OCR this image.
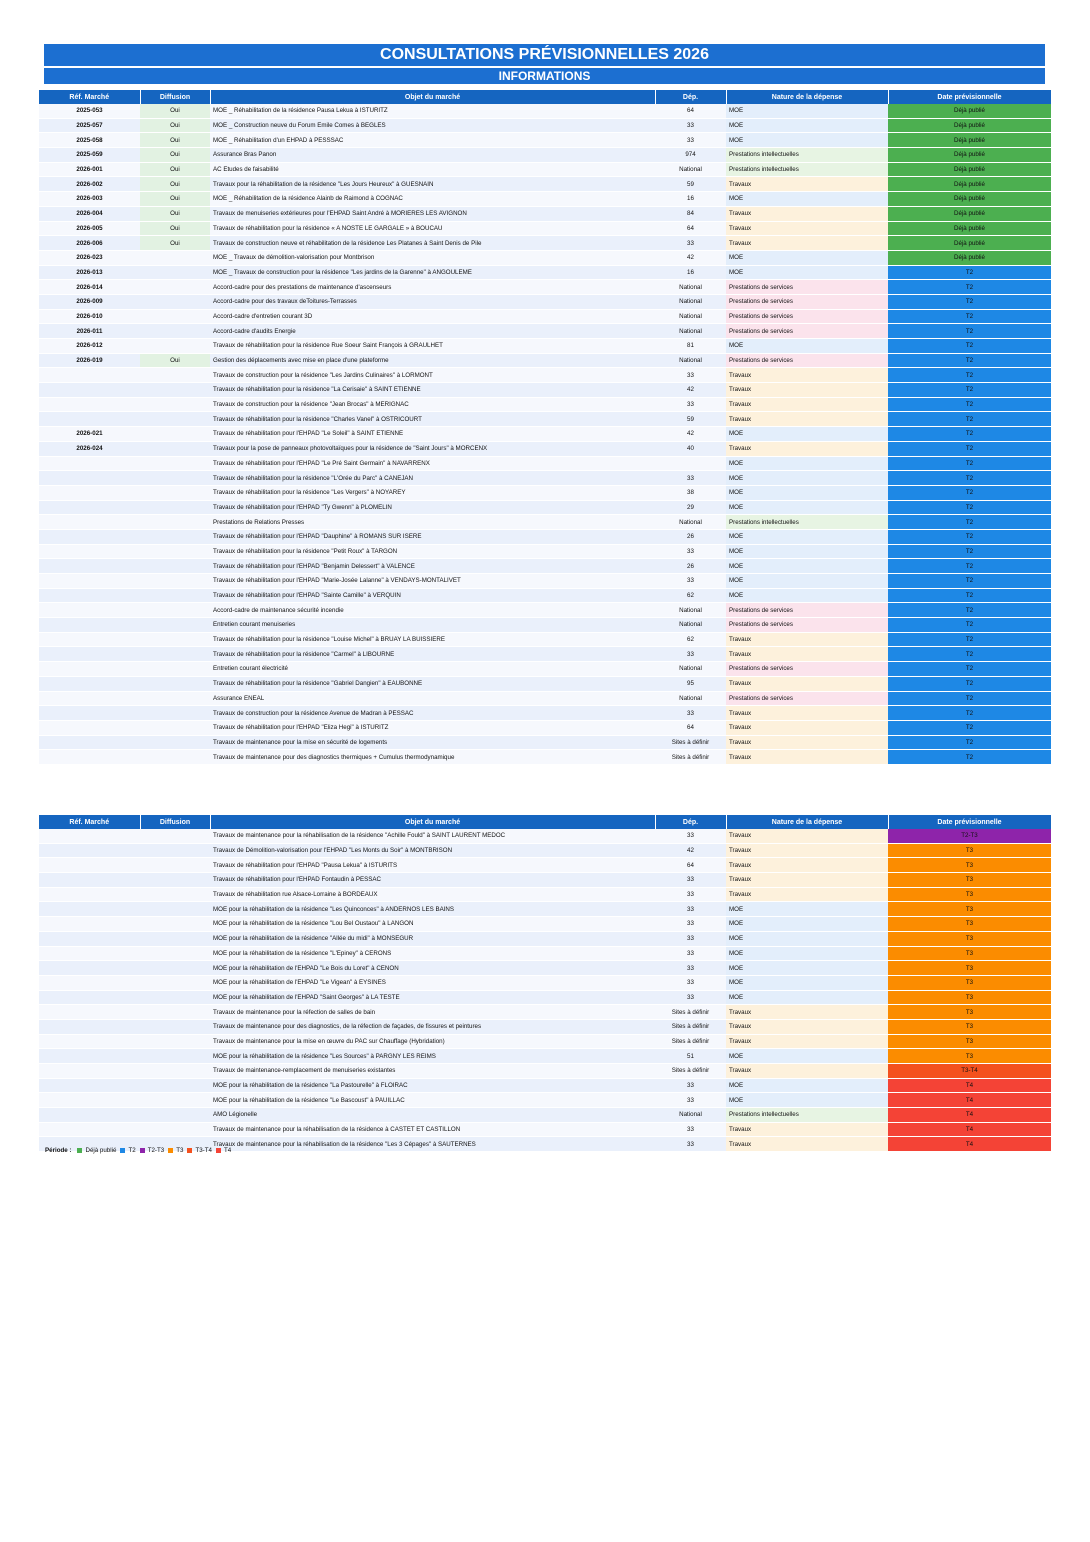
CONSULTATIONS PRÉVISIONNELLES 2026
INFORMATIONS
Réf. Marché	Diffusion	Objet du marché	Dép.	Nature de la dépense	Date prévisionnelle
2025-053	Oui	MOE _ Réhabilitation de la résidence Pausa Lekua à ISTURITZ	64	MOE	Déjà publié
2025-057	Oui	MOE _ Construction neuve du Forum Emile Comes à BEGLES	33	MOE	Déjà publié
2025-058	Oui	MOE _ Réhabilitation d'un EHPAD à PESSSAC	33	MOE	Déjà publié
2025-059	Oui	Assurance Bras Panon	974	Prestations intellectuelles	Déjà publié
2026-001	Oui	AC Etudes de faisabilité	National	Prestations intellectuelles	Déjà publié
2026-002	Oui	Travaux pour la réhabilitation de la résidence "Les Jours Heureux" à GUESNAIN	59	Travaux	Déjà publié
2026-003	Oui	MOE _ Réhabilitation de la résidence Alainb de Raimond à COGNAC	16	MOE	Déjà publié
2026-004	Oui	Travaux de menuiseries extérieures pour l'EHPAD Saint André à MORIERES LES AVIGNON	84	Travaux	Déjà publié
2026-005	Oui	Travaux de réhabilitation pour la résidence « A NOSTE LE GARGALE » à BOUCAU	64	Travaux	Déjà publié
2026-006	Oui	Travaux de construction neuve et réhabilitation de la résidence Les Platanes à Saint Denis de Pile	33	Travaux	Déjà publié
2026-023		MOE _ Travaux de démolition-valorisation pour Montbrison	42	MOE	Déjà publié
2026-013		MOE _ Travaux de construction pour la résidence "Les jardins de la Garenne" à ANGOULEME	16	MOE	T2
2026-014		Accord-cadre pour des prestations de maintenance d'ascenseurs	National	Prestations de services	T2
2026-009		Accord-cadre pour des travaux deToitures-Terrasses	National	Prestations de services	T2
2026-010		Accord-cadre d'entretien courant 3D	National	Prestations de services	T2
2026-011		Accord-cadre d'audits Energie	National	Prestations de services	T2
2026-012		Travaux de réhabilitation pour la résidence Rue Soeur Saint François à GRAULHET	81	MOE	T2
2026-019	Oui	Gestion des déplacements avec mise en place d'une plateforme	National	Prestations de services	T2
		Travaux de construction pour la résidence "Les Jardins Culinaires" à LORMONT	33	Travaux	T2
		Travaux de réhabilitation pour la résidence "La Cerisaie" à SAINT ETIENNE	42	Travaux	T2
		Travaux de construction pour la résidence "Jean Brocas" à MERIGNAC	33	Travaux	T2
		Travaux de réhabilitation pour la résidence "Charles Vanel" à OSTRICOURT	59	Travaux	T2
2026-021		Travaux de réhabilitation pour l'EHPAD "Le Soleil" à SAINT ETIENNE	42	MOE	T2
2026-024		Travaux pour la pose de panneaux photovoltaïques pour la résidence de "Saint Jours" à MORCENX	40	Travaux	T2
		Travaux de réhabilitation pour l'EHPAD "Le Pré Saint Germain" à NAVARRENX		MOE	T2
		Travaux de réhabilitation pour la résidence "L'Orée du Parc" à CANEJAN	33	MOE	T2
		Travaux de réhabilitation pour la résidence "Les Vergers" à NOYAREY	38	MOE	T2
		Travaux de réhabilitation pour l'EHPAD "Ty Gwenn" à PLOMELIN	29	MOE	T2
		Prestations de Relations Presses	National	Prestations intellectuelles	T2
		Travaux de réhabilitation pour l'EHPAD "Dauphine" à ROMANS SUR ISERE	26	MOE	T2
		Travaux de réhabilitation pour la résidence "Petit Roux" à TARGON	33	MOE	T2
		Travaux de réhabilitation pour l'EHPAD "Benjamin Delessert" à VALENCE	26	MOE	T2
		Travaux de réhabilitation pour l'EHPAD "Marie-Josée Lalanne" à VENDAYS-MONTALIVET	33	MOE	T2
		Travaux de réhabilitation pour l'EHPAD "Sainte Camille" à VERQUIN	62	MOE	T2
		Accord-cadre de maintenance sécurité incendie	National	Prestations de services	T2
		Entretien courant menuiseries	National	Prestations de services	T2
		Travaux de réhabilitation pour la résidence "Louise Michel" à BRUAY LA BUISSIERE	62	Travaux	T2
		Travaux de réhabilitation pour la résidence "Carmel" à LIBOURNE	33	Travaux	T2
		Entretien courant électricité	National	Prestations de services	T2
		Travaux de réhabilitation pour la résidence "Gabriel Dangien" à EAUBONNE	95	Travaux	T2
		Assurance ENEAL	National	Prestations de services	T2
		Travaux de construction pour la résidence Avenue de Madran à PESSAC	33	Travaux	T2
		Travaux de réhabilitation pour l'EHPAD "Eliza Hegi" à ISTURITZ	64	Travaux	T2
		Travaux de maintenance pour la mise en sécurité de logements	Sites à définir	Travaux	T2
		Travaux de maintenance pour des diagnostics thermiques + Cumulus thermodynamique	Sites à définir	Travaux	T2
Réf. Marché	Diffusion	Objet du marché	Dép.	Nature de la dépense	Date prévisionnelle
		Travaux de maintenance pour la réhabilisation de la résidence "Achille Fould" à SAINT LAURENT MEDOC	33	Travaux	T2-T3
		Travaux de Démolition-valorisation pour l'EHPAD "Les Monts du Soir" à MONTBRISON	42	Travaux	T3
		Travaux de réhabilitation pour l'EHPAD "Pausa Lekua" à ISTURITS	64	Travaux	T3
		Travaux de réhabilitation pour l'EHPAD Fontaudin à PESSAC	33	Travaux	T3
		Travaux de réhabilitation rue Alsace-Lorraine à BORDEAUX	33	Travaux	T3
		MOE pour la réhabilitation de la résidence "Les Quinconces" à ANDERNOS LES BAINS	33	MOE	T3
		MOE pour la réhabilitation de la résidence "Lou Bel Oustaou" à LANGON	33	MOE	T3
		MOE pour la réhabilitation de la résidence "Allée du midi" à MONSEGUR	33	MOE	T3
		MOE pour la réhabilitation de la résidence "L'Epiney" à CERONS	33	MOE	T3
		MOE pour la réhabilitation de l'EHPAD "Le Bois du Loret" à CENON	33	MOE	T3
		MOE pour la réhabilitation de l'EHPAD "Le Vigean" à EYSINES	33	MOE	T3
		MOE pour la réhabilitation de l'EHPAD "Saint Georges" à LA TESTE	33	MOE	T3
		Travaux de maintenance pour la réfection de salles de bain	Sites à définir	Travaux	T3
		Travaux de maintenance pour des diagnostics, de la réfection de façades, de fissures et peintures	Sites à définir	Travaux	T3
		Travaux de maintenance pour la mise en œuvre du PAC sur Chauffage (Hybridation)	Sites à définir	Travaux	T3
		MOE pour la réhabilitation de la résidence "Les Sources" à PARGNY LES REIMS	51	MOE	T3
		Travaux de maintenance-remplacement de menuiseries existantes	Sites à définir	Travaux	T3-T4
		MOE pour la réhabilitation de la résidence "La Pastourelle" à FLOIRAC	33	MOE	T4
		MOE pour la réhabilitation de la résidence "Le Bascoust" à PAUILLAC	33	MOE	T4
		AMO Légionelle	National	Prestations intellectuelles	T4
		Travaux de maintenance pour la réhabilisation de la résidence à CASTET ET CASTILLON	33	Travaux	T4
		Travaux de maintenance pour la réhabilisation de la résidence "Les 3 Cépages" à SAUTERNES	33	Travaux	T4
Période : Déjà publié T2 T2-T3 T3 T3-T4 T4
